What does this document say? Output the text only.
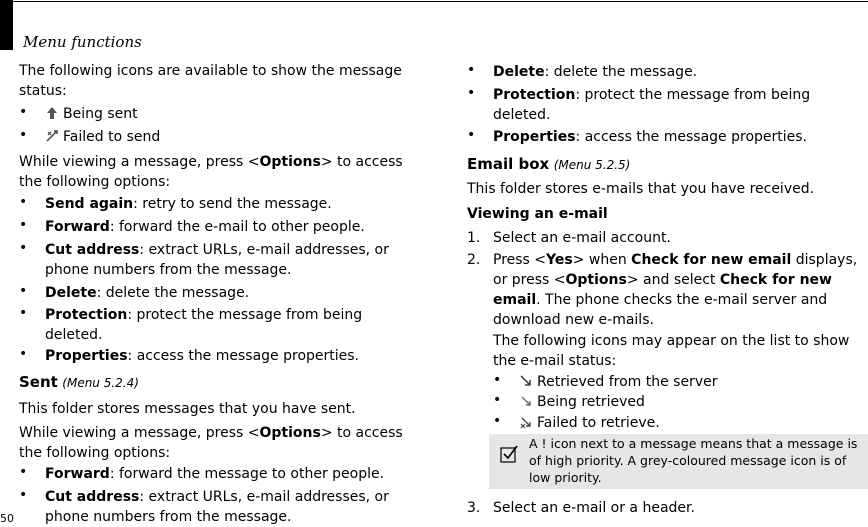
Menu functions
50
The following icons are available to show the message status:
•	Being sent
•	Failed to send
While viewing a message, press <Options> to access the following options:
• Send again: retry to send the message.
• Forward: forward the e-mail to other people.
• Cut address: extract URLs, e-mail addresses, or phone numbers from the message.
• Delete: delete the message.
• Protection: protect the message from being deleted.
• Properties: access the message properties.
Sent (Menu 5.2.4)
This folder stores messages that you have sent.
While viewing a message, press <Options> to access the following options:
• Forward: forward the message to other people.
• Cut address: extract URLs, e-mail addresses, or phone numbers from the message.
• Delete: delete the message.
• Protection: protect the message from being deleted.
• Properties: access the message properties.
Email box (Menu 5.2.5)
This folder stores e-mails that you have received.
Viewing an e-mail
1. Select an e-mail account.
2. Press <Yes> when Check for new email displays, or press <Options> and select Check for new email. The phone checks the e-mail server and download new e-mails.
The following icons may appear on the list to show the e-mail status:
•	Retrieved from the server
•	Being retrieved
•	Failed to retrieve.
3. Select an e-mail or a header.
A ! icon next to a message means that a message is of high priority. A grey-coloured message icon is of low priority.
